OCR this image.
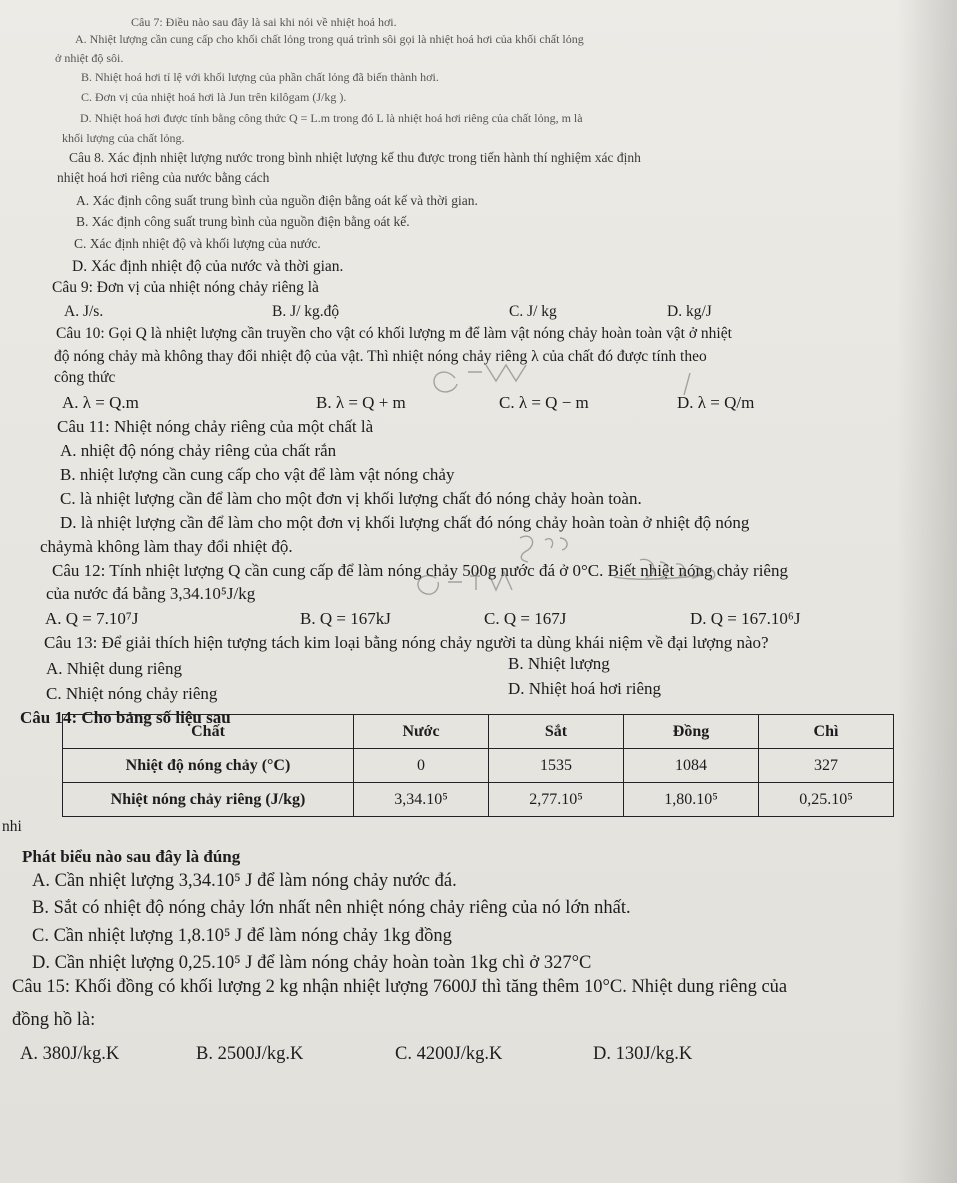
Câu 7: Điều nào sau đây là sai khi nói về nhiệt hoá hơi.
A. Nhiệt lượng cần cung cấp cho khối chất lỏng trong quá trình sôi gọi là nhiệt hoá hơi của khối chất lỏng
ở nhiệt độ sôi.
B. Nhiệt hoá hơi tỉ lệ với khối lượng của phần chất lỏng đã biến thành hơi.
C. Đơn vị của nhiệt hoá hơi là Jun trên kilôgam (J/kg ).
D. Nhiệt hoá hơi được tính bằng công thức Q = L.m trong đó L là nhiệt hoá hơi riêng của chất lỏng, m là
khối lượng của chất lỏng.
Câu 8. Xác định nhiệt lượng nước trong bình nhiệt lượng kế thu được trong tiến hành thí nghiệm xác định
nhiệt hoá hơi riêng của nước bằng cách
A. Xác định công suất trung bình của nguồn điện bằng oát kế và thời gian.
B. Xác định công suất trung bình của nguồn điện bằng oát kế.
C. Xác định nhiệt độ và khối lượng của nước.
D. Xác định nhiệt độ của nước và thời gian.
Câu 9: Đơn vị của nhiệt nóng chảy riêng là
A. J/s.	B. J/ kg.độ	C. J/ kg	D. kg/J
Câu 10: Gọi Q là nhiệt lượng cần truyền cho vật có khối lượng m để làm vật nóng chảy hoàn toàn vật ở nhiệt
độ nóng chảy mà không thay đổi nhiệt độ của vật. Thì nhiệt nóng chảy riêng λ của chất đó được tính theo
công thức
A. λ = Q.m	B. λ = Q + m	C. λ = Q − m	D. λ = Q/m
Câu 11: Nhiệt nóng chảy riêng của một chất là
A. nhiệt độ nóng chảy riêng của chất rắn
B. nhiệt lượng cần cung cấp cho vật để làm vật nóng chảy
C. là nhiệt lượng cần để làm cho một đơn vị khối lượng chất đó nóng chảy hoàn toàn.
D. là nhiệt lượng cần để làm cho một đơn vị khối lượng chất đó nóng chảy hoàn toàn ở nhiệt độ nóng
chảymà không làm thay đổi nhiệt độ.
Câu 12: Tính nhiệt lượng Q cần cung cấp để làm nóng chảy 500g nước đá ở 0°C. Biết nhiệt nóng chảy riêng
của nước đá bằng 3,34.10⁵J/kg
A. Q = 7.10⁷J	B. Q = 167kJ	C. Q = 167J	D. Q = 167.10⁶J
Câu 13: Để giải thích hiện tượng tách kim loại bằng nóng chảy người ta dùng khái niệm về đại lượng nào?
A. Nhiệt dung riêng	B. Nhiệt lượng
C. Nhiệt nóng chảy riêng	D. Nhiệt hoá hơi riêng
Câu 14: Cho bảng số liệu sau
Chất	Nước	Sắt	Đồng	Chì
Nhiệt độ nóng chảy (°C)	0	1535	1084	327
Nhiệt nóng chảy riêng (J/kg)	3,34.10⁵	2,77.10⁵	1,80.10⁵	0,25.10⁵
nhi
Phát biểu nào sau đây là đúng
A. Cần nhiệt lượng 3,34.10⁵ J để làm nóng chảy nước đá.
B. Sắt có nhiệt độ nóng chảy lớn nhất nên nhiệt nóng chảy riêng của nó lớn nhất.
C. Cần nhiệt lượng 1,8.10⁵ J để làm nóng chảy 1kg đồng
D. Cần nhiệt lượng 0,25.10⁵ J để làm nóng chảy hoàn toàn 1kg chì ở 327°C
Câu 15: Khối đồng có khối lượng 2 kg nhận nhiệt lượng 7600J thì tăng thêm 10°C. Nhiệt dung riêng của
đồng hồ là:
A. 380J/kg.K	B. 2500J/kg.K	C. 4200J/kg.K	D. 130J/kg.K
